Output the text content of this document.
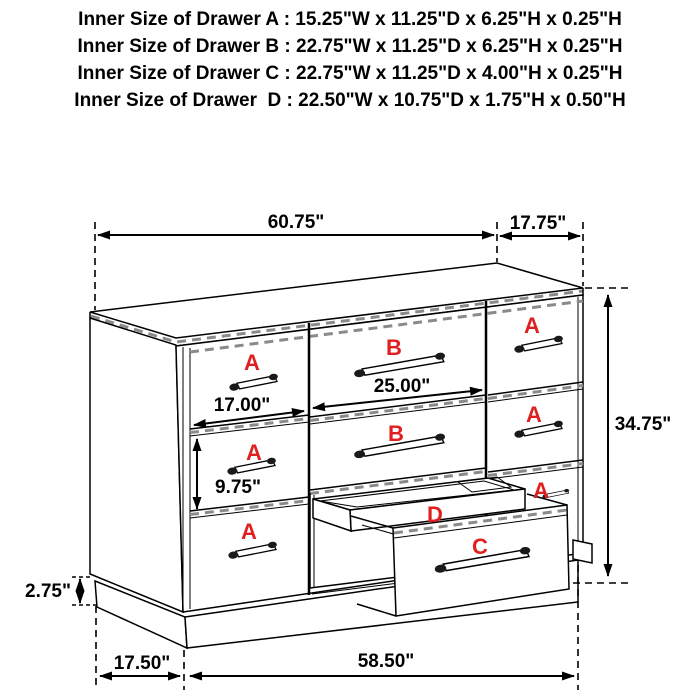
Inner Size of Drawer A : 15.25"W x 11.25"D x 6.25"H x 0.25"H
Inner Size of Drawer B : 22.75"W x 11.25"D x 6.25"H x 0.25"H
Inner Size of Drawer C : 22.75"W x 11.25"D x 4.00"H x 0.25"H
Inner Size of Drawer  D : 22.50"W x 10.75"D x 1.75"H x 0.50"H
A
A
A
B
B
A
A
A
D
C
60.75"	17.75"
34.75"
17.00"
25.00"
9.75"
2.75"
17.50"	58.50"
